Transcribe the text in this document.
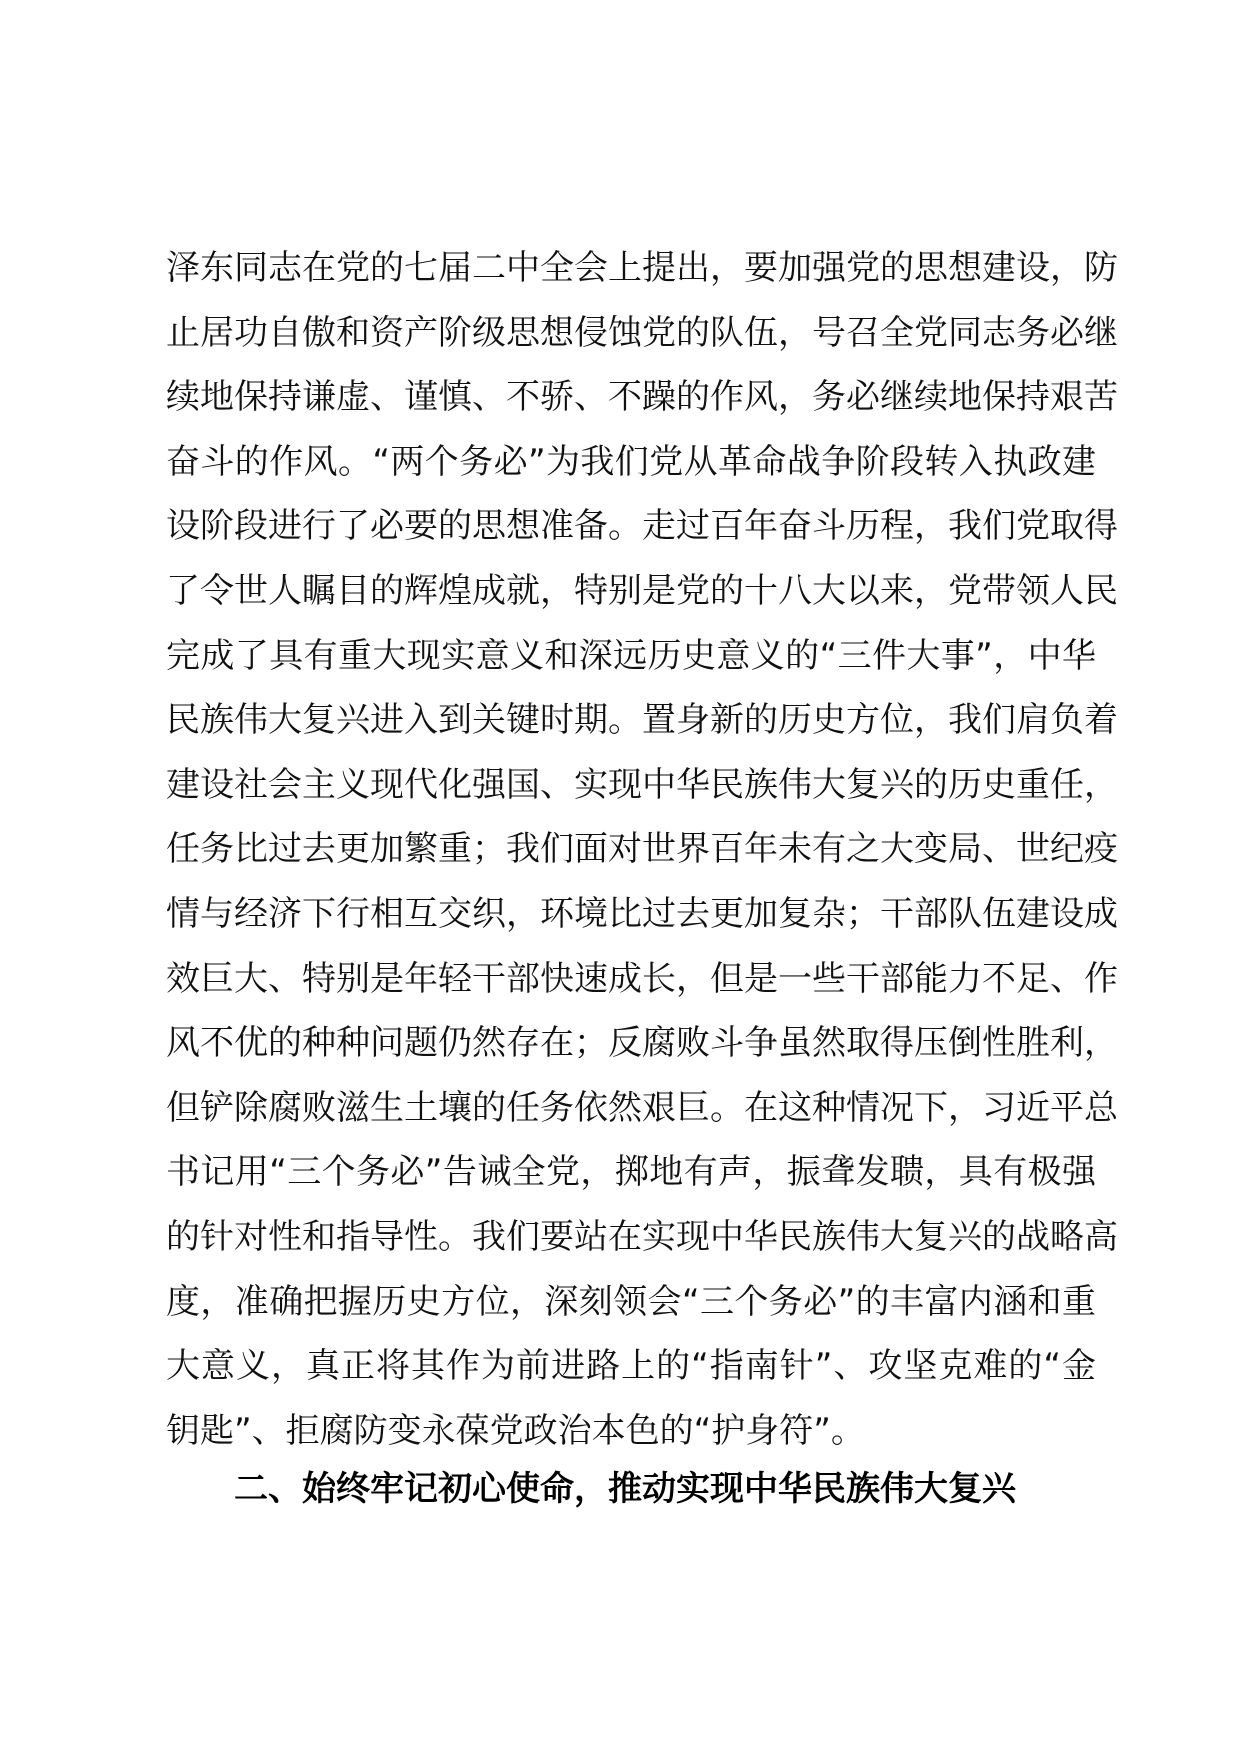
泽东同志在党的七届二中全会上提出，要加强党的思想建设，防
止居功自傲和资产阶级思想侵蚀党的队伍，号召全党同志务必继
续地保持谦虚、谨慎、不骄、不躁的作风，务必继续地保持艰苦
奋斗的作风。“两个务必”为我们党从革命战争阶段转入执政建
设阶段进行了必要的思想准备。走过百年奋斗历程，我们党取得
了令世人瞩目的辉煌成就，特别是党的十八大以来，党带领人民
完成了具有重大现实意义和深远历史意义的“三件大事”，中华
民族伟大复兴进入到关键时期。置身新的历史方位，我们肩负着
建设社会主义现代化强国、实现中华民族伟大复兴的历史重任，
任务比过去更加繁重；我们面对世界百年未有之大变局、世纪疫
情与经济下行相互交织，环境比过去更加复杂；干部队伍建设成
效巨大、特别是年轻干部快速成长，但是一些干部能力不足、作
风不优的种种问题仍然存在；反腐败斗争虽然取得压倒性胜利，
但铲除腐败滋生土壤的任务依然艰巨。在这种情况下，习近平总
书记用“三个务必”告诫全党，掷地有声，振聋发聩，具有极强
的针对性和指导性。我们要站在实现中华民族伟大复兴的战略高
度，准确把握历史方位，深刻领会“三个务必”的丰富内涵和重
大意义，真正将其作为前进路上的“指南针”、攻坚克难的“金
钥匙”、拒腐防变永葆党政治本色的“护身符”。
二、始终牢记初心使命，推动实现中华民族伟大复兴
